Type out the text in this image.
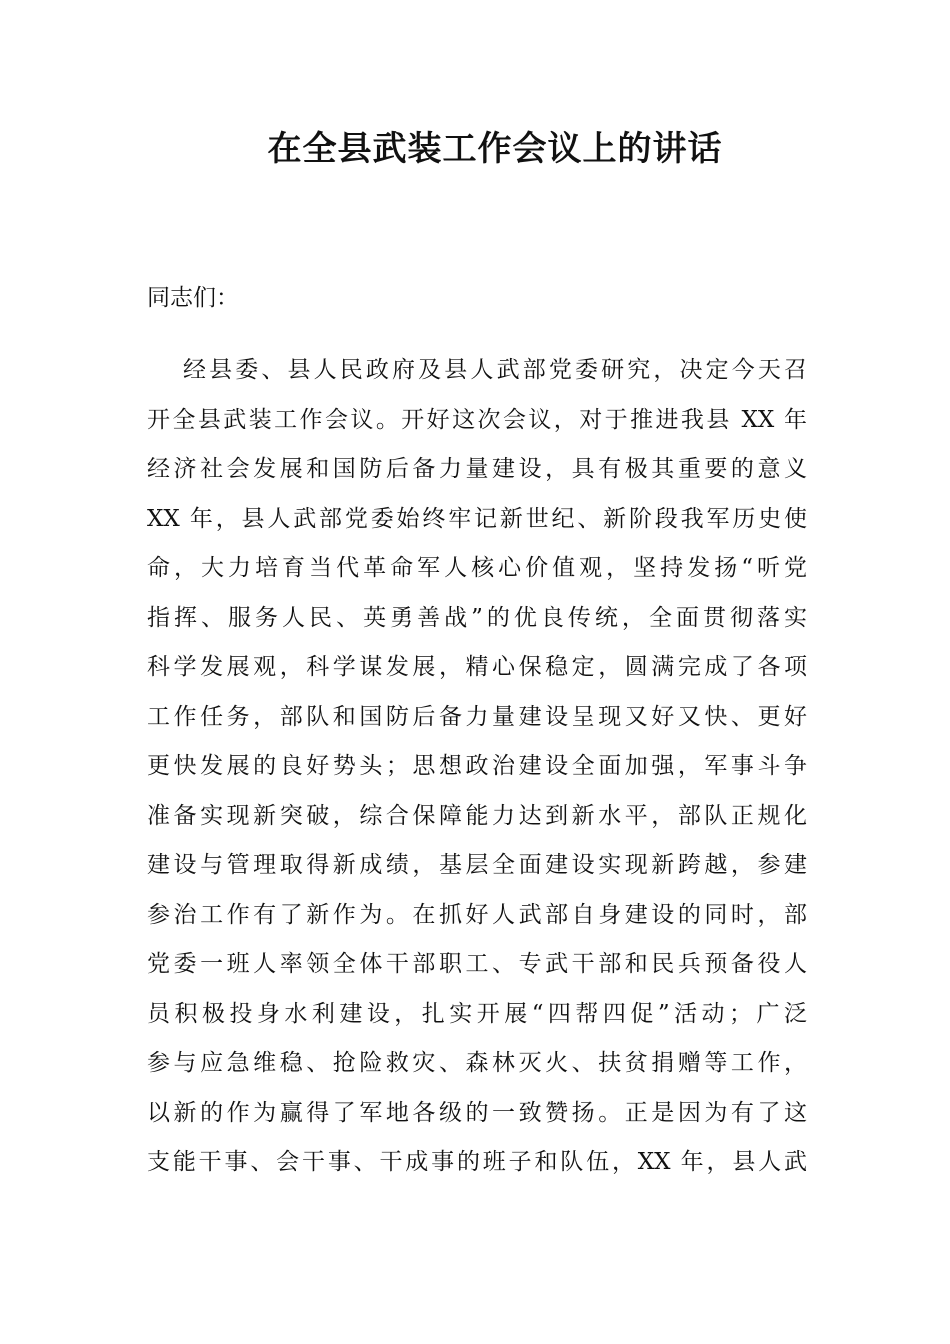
在全县武装工作会议上的讲话

同志们：

经县委、县人民政府及县人武部党委研究，决定今天召
开全县武装工作会议。开好这次会议，对于推进我县 XX 年
经济社会发展和国防后备力量建设，具有极其重要的意义
XX 年，县人武部党委始终牢记新世纪、新阶段我军历史使
命，大力培育当代革命军人核心价值观，坚持发扬“听党
指挥、服务人民、英勇善战”的优良传统，全面贯彻落实
科学发展观，科学谋发展，精心保稳定，圆满完成了各项
工作任务，部队和国防后备力量建设呈现又好又快、更好
更快发展的良好势头；思想政治建设全面加强，军事斗争
准备实现新突破，综合保障能力达到新水平，部队正规化
建设与管理取得新成绩，基层全面建设实现新跨越，参建
参治工作有了新作为。在抓好人武部自身建设的同时，部
党委一班人率领全体干部职工、专武干部和民兵预备役人
员积极投身水利建设，扎实开展“四帮四促”活动；广泛
参与应急维稳、抢险救灾、森林灭火、扶贫捐赠等工作，
以新的作为赢得了军地各级的一致赞扬。正是因为有了这
支能干事、会干事、干成事的班子和队伍，XX 年，县人武
